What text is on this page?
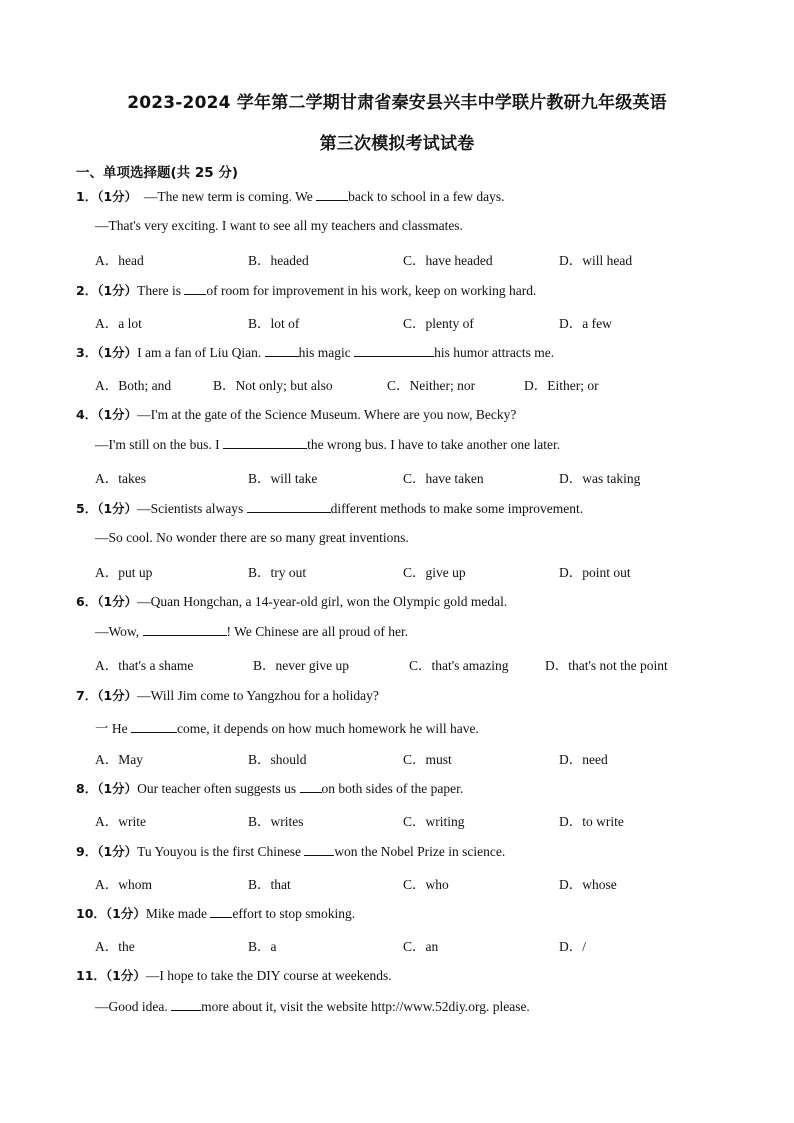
2023-2024 学年第二学期甘肃省秦安县兴丰中学联片教研九年级英语
第三次模拟考试试卷
一、单项选择题(共 25 分)
1．（1分） —The new term is coming. We back to school in a few days.
—That's very exciting. I want to see all my teachers and classmates.
A．head	B．headed	C．have headed	D．will head
2．（1分）There is of room for improvement in his work, keep on working hard.
A．a lot	B．lot of	C．plenty of	D．a few
3．（1分）I am a fan of Liu Qian.	his magic	his humor attracts me.
A．Both; and	B．Not only; but also	C．Neither; nor	D．Either; or
4．（1分）—I'm at the gate of the Science Museum. Where are you now, Becky?
—I'm still on the bus. I	the wrong bus. I have to take another one later.
A．takes	B．will take	C．have taken	D．was taking
5．（1分）—Scientists always	different methods to make some improvement.
—So cool. No wonder there are so many great inventions.
A．put up	B．try out	C．give up	D．point out
6．（1分）—Quan Hongchan, a 14-year-old girl, won the Olympic gold medal.
—Wow,	! We Chinese are all proud of her.
A．that's a shame	B．never give up	C．that's amazing	D．that's not the point
7．（1分）—Will Jim come to Yangzhou for a holiday?
一 He	come, it depends on how much homework he will have.
A．May	B．should	C．must	D．need
8．（1分）Our teacher often suggests us on both sides of the paper.
A．write	B．writes	C．writing	D．to write
9．（1分）Tu Youyou is the first Chinese won the Nobel Prize in science.
A．whom	B．that	C．who	D．whose
10．（1分）Mike made effort to stop smoking.
A．the	B．a	C．an	D．/
11．（1分）—I hope to take the DIY course at weekends.
—Good idea. more about it, visit the website http://www.52diy.org. please.
